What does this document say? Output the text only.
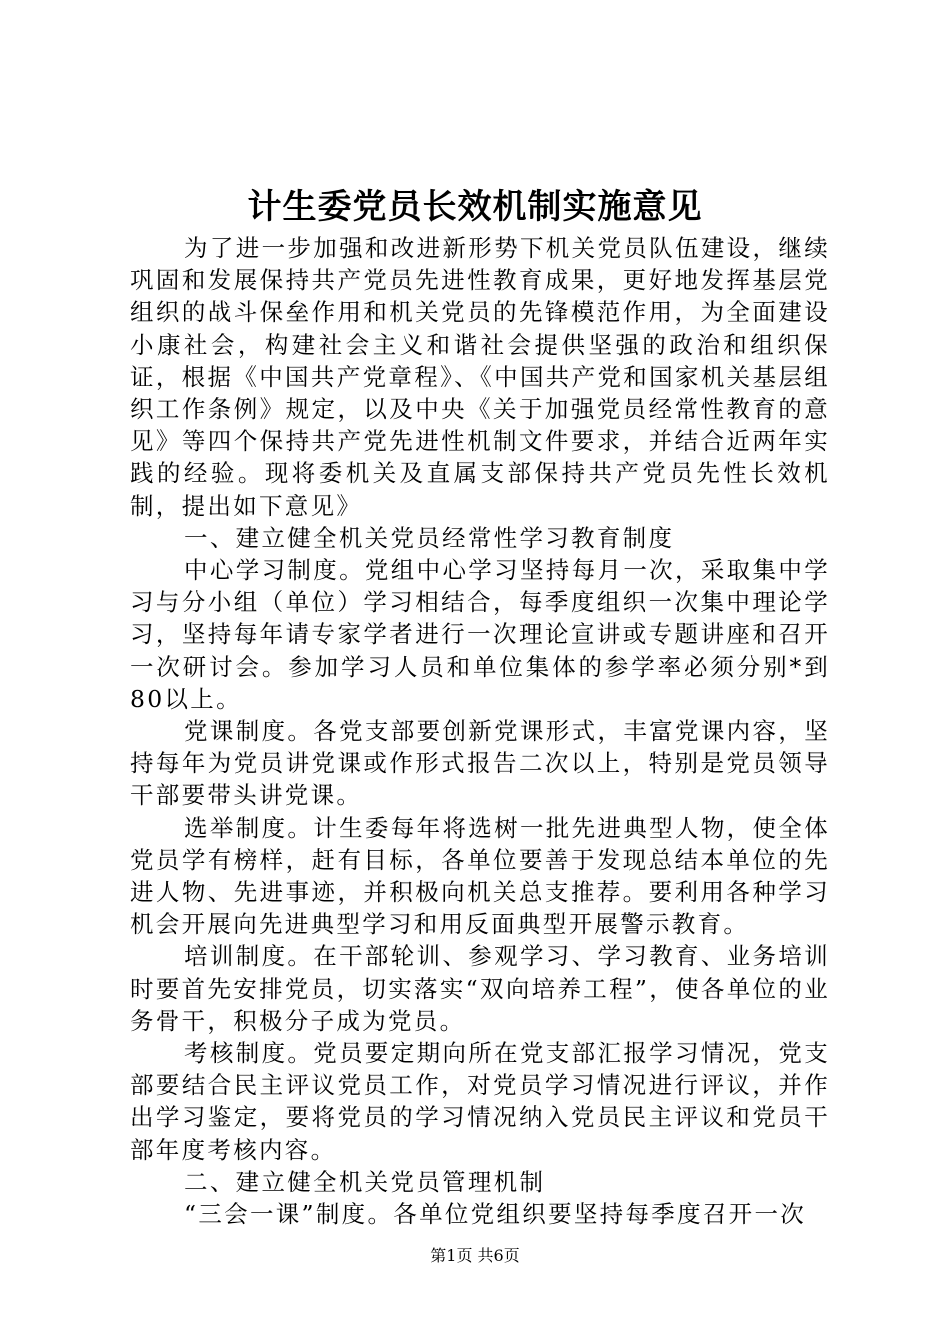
计生委党员长效机制实施意见

为了进一步加强和改进新形势下机关党员队伍建设，继续巩固和发展保持共产党员先进性教育成果，更好地发挥基层党组织的战斗保垒作用和机关党员的先锋模范作用，为全面建设小康社会，构建社会主义和谐社会提供坚强的政治和组织保证，根据《中国共产党章程》、《中国共产党和国家机关基层组织工作条例》规定，以及中央《关于加强党员经常性教育的意见》等四个保持共产党先进性机制文件要求，并结合近两年实践的经验。现将委机关及直属支部保持共产党员先性长效机制，提出如下意见》

一、建立健全机关党员经常性学习教育制度

中心学习制度。党组中心学习坚持每月一次，采取集中学习与分小组（单位）学习相结合，每季度组织一次集中理论学习，坚持每年请专家学者进行一次理论宣讲或专题讲座和召开一次研讨会。参加学习人员和单位集体的参学率必须分别*到80以上。

党课制度。各党支部要创新党课形式，丰富党课内容，坚持每年为党员讲党课或作形式报告二次以上，特别是党员领导干部要带头讲党课。

选举制度。计生委每年将选树一批先进典型人物，使全体党员学有榜样，赶有目标，各单位要善于发现总结本单位的先进人物、先进事迹，并积极向机关总支推荐。要利用各种学习机会开展向先进典型学习和用反面典型开展警示教育。

培训制度。在干部轮训、参观学习、学习教育、业务培训时要首先安排党员，切实落实“双向培养工程”，使各单位的业务骨干，积极分子成为党员。

考核制度。党员要定期向所在党支部汇报学习情况，党支部要结合民主评议党员工作，对党员学习情况进行评议，并作出学习鉴定，要将党员的学习情况纳入党员民主评议和党员干部年度考核内容。

二、建立健全机关党员管理机制

“三会一课”制度。各单位党组织要坚持每季度召开一次

第1页 共6页
